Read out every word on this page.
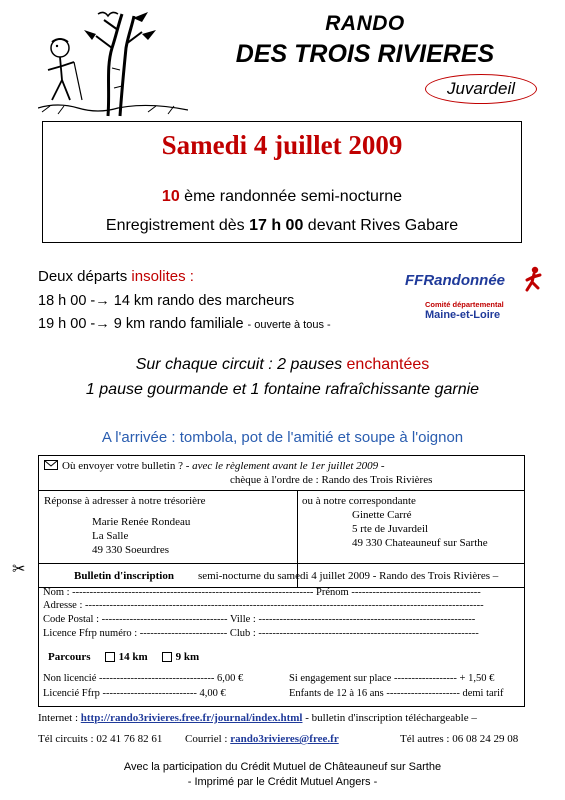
RANDO
DES TROIS RIVIERES
Juvardeil
Samedi 4 juillet 2009
10 ème randonnée semi-nocturne
Enregistrement dès 17 h 00 devant Rives Gabare
Deux départs insolites :
18 h 00 -→ 14 km rando des marcheurs
19 h 00 -→ 9 km rando familiale - ouverte à tous -
FFRandonnée
Comité départemental
Maine-et-Loire
Sur chaque circuit : 2 pauses enchantées
1 pause gourmande et 1 fontaine rafraîchissante garnie
A l'arrivée : tombola, pot de l'amitié et soupe à l'oignon
Où envoyer votre bulletin ? - avec le règlement avant le 1er juillet 2009 -
chèque à l'ordre de : Rando des Trois Rivières
Réponse à adresser à notre trésorière
Marie Renée Rondeau
La Salle
49 330 Soeurdres
ou à notre correspondante
Ginette Carré
5 rte de Juvardeil
49 330 Chateauneuf sur Sarthe
✂	Bulletin d'inscription semi-nocturne du samedi 4 juillet 2009 - Rando des Trois Rivières –
Nom : --------------------------------------------------------------------- Prénom -------------------------------------
Adresse : ------------------------------------------------------------------------------------------------------------------
Code Postal : ------------------------------------ Ville : --------------------------------------------------------------
Licence Ffrp numéro : ------------------------- Club : ---------------------------------------------------------------
Parcours	14 km	9 km
Non licencié --------------------------------- 6,00 €	Si engagement sur place ------------------ + 1,50 €
Licencié Ffrp --------------------------- 4,00 €	Enfants de 12 à 16 ans --------------------- demi tarif
Internet : http://rando3rivieres.free.fr/journal/index.html - bulletin d'inscription téléchargeable –
Tél circuits : 02 41 76 82 61 Courriel : rando3rivieres@free.fr	Tél autres : 06 08 24 29 08
Avec la participation du Crédit Mutuel de Châteauneuf sur Sarthe
- Imprimé par le Crédit Mutuel Angers -
